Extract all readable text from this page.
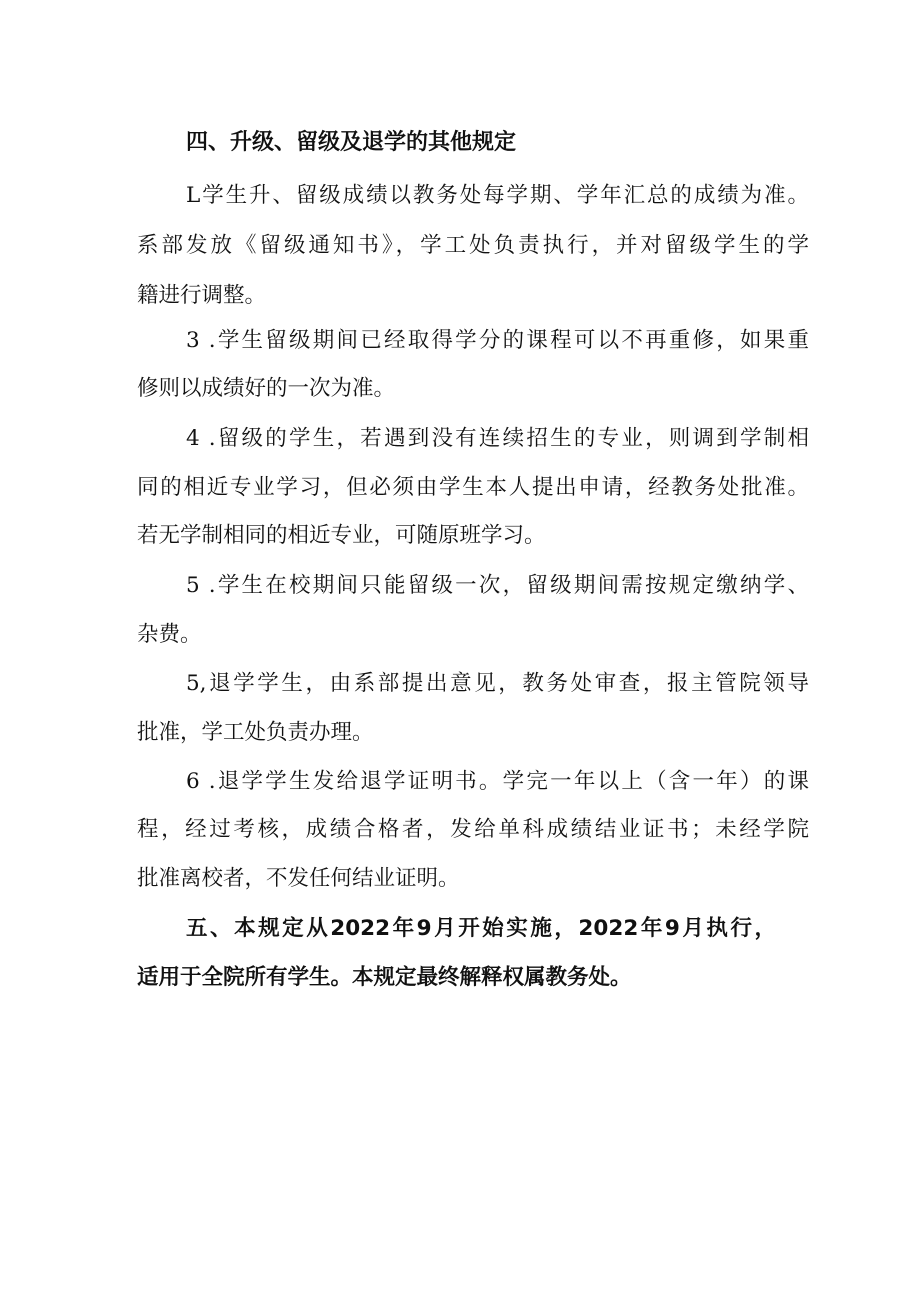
四、升级、留级及退学的其他规定
L学生升、留级成绩以教务处每学期、学年汇总的成绩为准。
系部发放《留级通知书》，学工处负责执行，并对留级学生的学
籍进行调整。
3 .学生留级期间已经取得学分的课程可以不再重修，如果重
修则以成绩好的一次为准。
4 .留级的学生，若遇到没有连续招生的专业，则调到学制相
同的相近专业学习，但必须由学生本人提出申请，经教务处批准。
若无学制相同的相近专业，可随原班学习。
5 .学生在校期间只能留级一次，留级期间需按规定缴纳学、
杂费。
5,退学学生，由系部提出意见，教务处审查，报主管院领导
批准，学工处负责办理。
6 .退学学生发给退学证明书。学完一年以上（含一年）的课
程，经过考核，成绩合格者，发给单科成绩结业证书；未经学院
批准离校者，不发任何结业证明。
五、本规定从2022年9月开始实施，2022年9月执行，
适用于全院所有学生。本规定最终解释权属教务处。
